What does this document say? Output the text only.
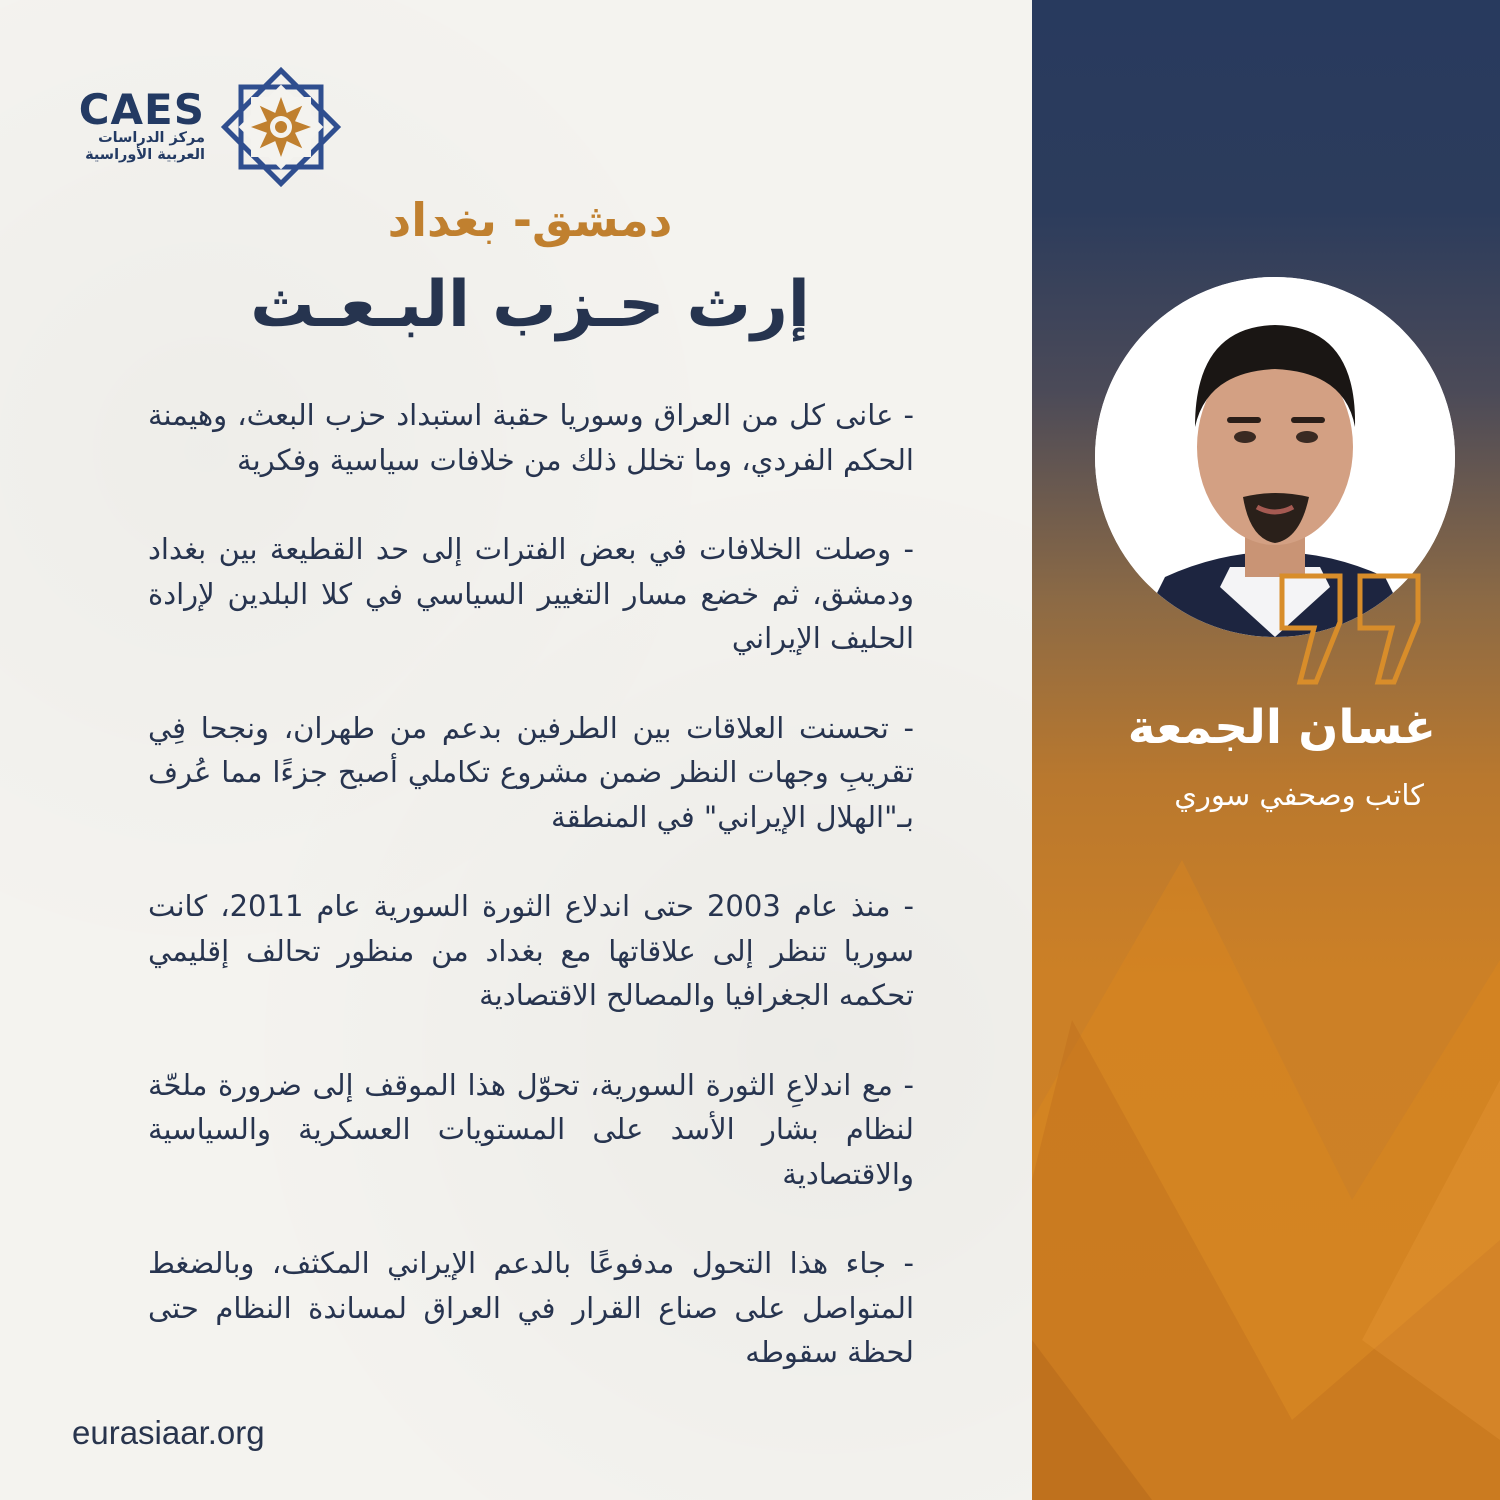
CAES
مركز الدراسات
العربية الأوراسية
دمشق- بغداد
إرث حـزب البـعـث

- عانى كل من العراق وسوريا حقبة استبداد حزب البعث، وهيمنة الحكم الفردي، وما تخلل ذلك من خلافات سياسية وفكرية

- وصلت الخلافات في بعض الفترات إلى حد القطيعة بين بغداد ودمشق، ثم خضع مسار التغيير السياسي في كلا البلدين لإرادة الحليف الإيراني

- تحسنت العلاقات بين الطرفين بدعم من طهران، ونجحا فِي تقريبِ وجهات النظر ضمن مشروع تكاملي أصبح جزءًا مما عُرف بـ"الهلال الإيراني" في المنطقة

- منذ عام 2003 حتى اندلاع الثورة السورية عام 2011، كانت سوريا تنظر إلى علاقاتها مع بغداد من منظور تحالف إقليمي تحكمه الجغرافيا والمصالح الاقتصادية

- مع اندلاعِ الثورة السورية، تحوّل هذا الموقف إلى ضرورة ملحّة لنظام بشار الأسد على المستويات العسكرية والسياسية والاقتصادية

- جاء هذا التحول مدفوعًا بالدعم الإيراني المكثف، وبالضغط المتواصل على صناع القرار في العراق لمساندة النظام حتى لحظة سقوطه

eurasiaar.org
غسان الجمعة
كاتب وصحفي سوري
